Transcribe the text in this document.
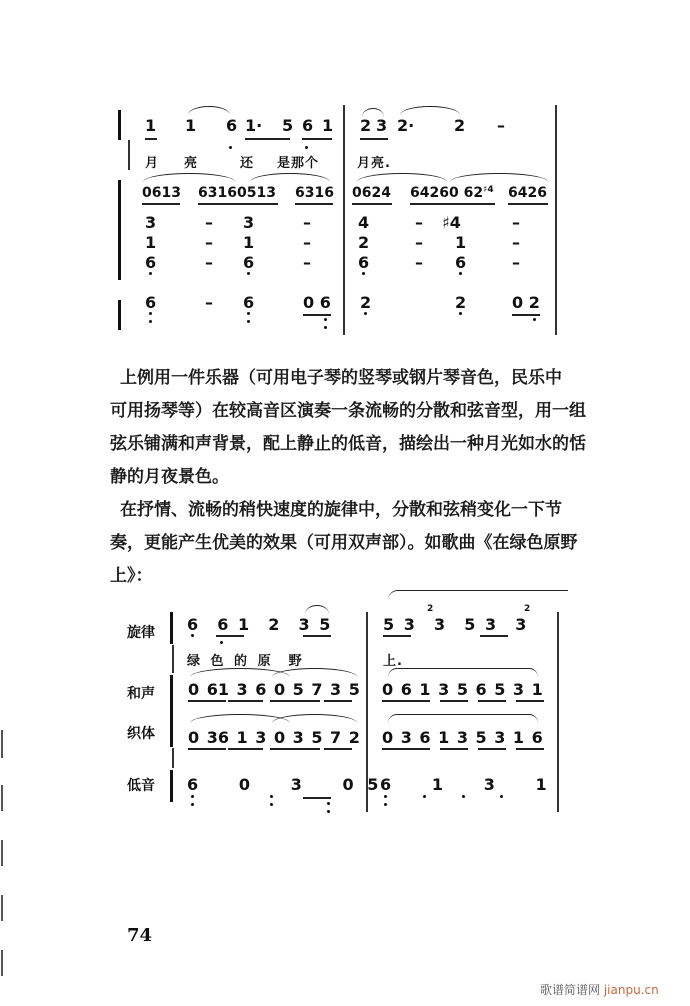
1 1 6 1· 5 6 1 2 3 2· 2 –
月 亮	还 是那个	月亮.
0613 63160513 6316 0624 64260 62 ♯4 6426
3	– 3	–	4	– ♯4	–
1	– 1	–	2	– 1	–
6	– 6	–	6	– 6	–
6	– 6	0 6 2	2	0 2
上例用一件乐器（可用电子琴的竖琴或钢片琴音色，民乐中
可用扬琴等）在较高音区演奏一条流畅的分散和弦音型，用一组
弦乐铺满和声背景，配上静止的低音，描绘出一种月光如水的恬
静的月夜景色。
在抒情、流畅的稍快速度的旋律中，分散和弦稍变化一下节
奏，更能产生优美的效果（可用双声部）。如歌曲《在绿色原野
上》：
旋律
和声
织体
低音
6  6 1  2  3 5	5 3  3  5 3  3
2	2
绿 色 的 原  野	上.
0 61 3 6 0 5 7 3 5 0 6 1 3 5 6 5 3 1
0 36 1 3 0 3 5 7 2 0 3 6 1 3 5 3 1 6
6   0   3   0 5 6   1   3   1
74
歌谱简谱网 jianpu.cn
